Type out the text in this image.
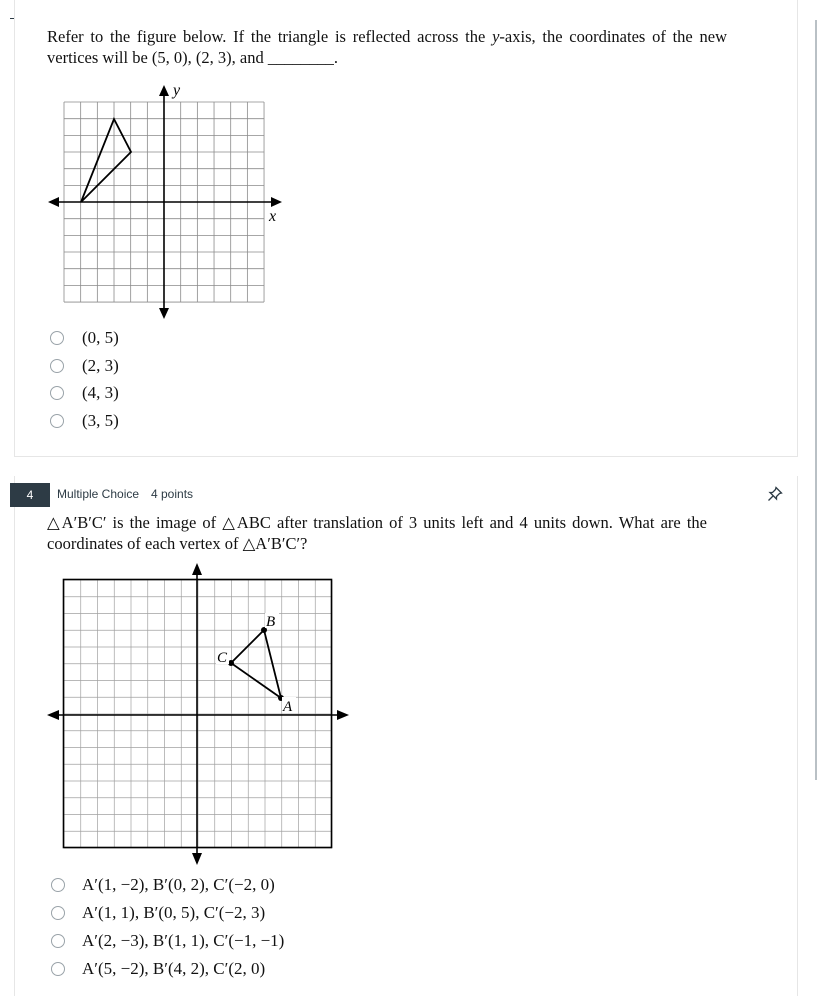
Refer to the figure below. If the triangle is reflected across the y-axis, the coordinates of the new vertices will be (5, 0), (2, 3), and ________.
y
x
(0, 5)
(2, 3)
(4, 3)
(3, 5)
4	Multiple Choice 4 points
△A′B′C′ is the image of △ABC after translation of 3 units left and 4 units down. What are the coordinates of each vertex of △A′B′C′?
B
C
A
A′(1, −2), B′(0, 2), C′(−2, 0)
A′(1, 1), B′(0, 5), C′(−2, 3)
A′(2, −3), B′(1, 1), C′(−1, −1)
A′(5, −2), B′(4, 2), C′(2, 0)
